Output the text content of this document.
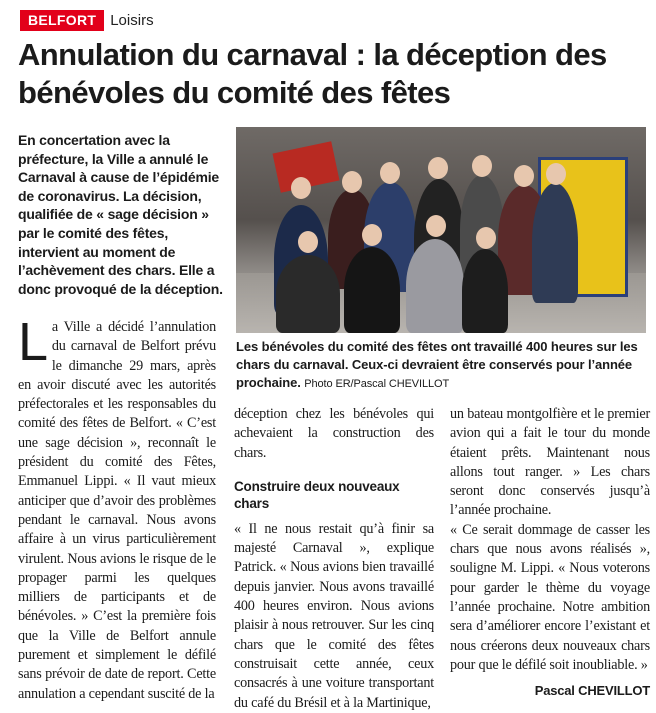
BELFORT Loisirs
Annulation du carnaval : la déception des bénévoles du comité des fêtes
En concertation avec la préfecture, la Ville a annulé le Carnaval à cause de l’épidémie de coronavirus. La décision, qualifiée de « sage décision » par le comité des fêtes, intervient au moment de l’achèvement des chars. Elle a donc provoqué de la déception.
Les bénévoles du comité des fêtes ont travaillé 400 heures sur les chars du carnaval. Ceux-ci devraient être conservés pour l’année prochaine. Photo ER/Pascal CHEVILLOT
L a Ville a décidé l’annulation du carnaval de Belfort prévu le dimanche 29 mars, après en avoir discuté avec les autorités préfectorales et les responsables du comité des fêtes de Belfort. « C’est une sage décision », reconnaît le président du comité des Fêtes, Emmanuel Lippi. « Il vaut mieux anticiper que d’avoir des problèmes pendant le carnaval. Nous avons affaire à un virus particulièrement virulent. Nous avions le risque de le propager parmi les quelques milliers de participants et de bénévoles. » C’est la première fois que la Ville de Belfort annule purement et simplement le défilé sans prévoir de date de report. Cette annulation a cependant suscité de la

déception chez les bénévoles qui achevaient la construction des chars.

Construire deux nouveaux chars

« Il ne nous restait qu’à finir sa majesté Carnaval », explique Patrick. « Nous avions bien travaillé depuis janvier. Nous avons travaillé 400 heures environ. Nous avions plaisir à nous retrouver. Sur les cinq chars que le comité des fêtes construisait cette année, ceux consacrés à une voiture transportant du café du Brésil et à la Martinique,

un bateau montgolfière et le premier avion qui a fait le tour du monde étaient prêts. Maintenant nous allons tout ranger. » Les chars seront donc conservés jusqu’à l’année prochaine.

« Ce serait dommage de casser les chars que nous avons réalisés », souligne M. Lippi. « Nous voterons pour garder le thème du voyage l’année prochaine. Notre ambition sera d’améliorer encore l’existant et nous créerons deux nouveaux chars pour que le défilé soit inoubliable. »

Pascal CHEVILLOT
